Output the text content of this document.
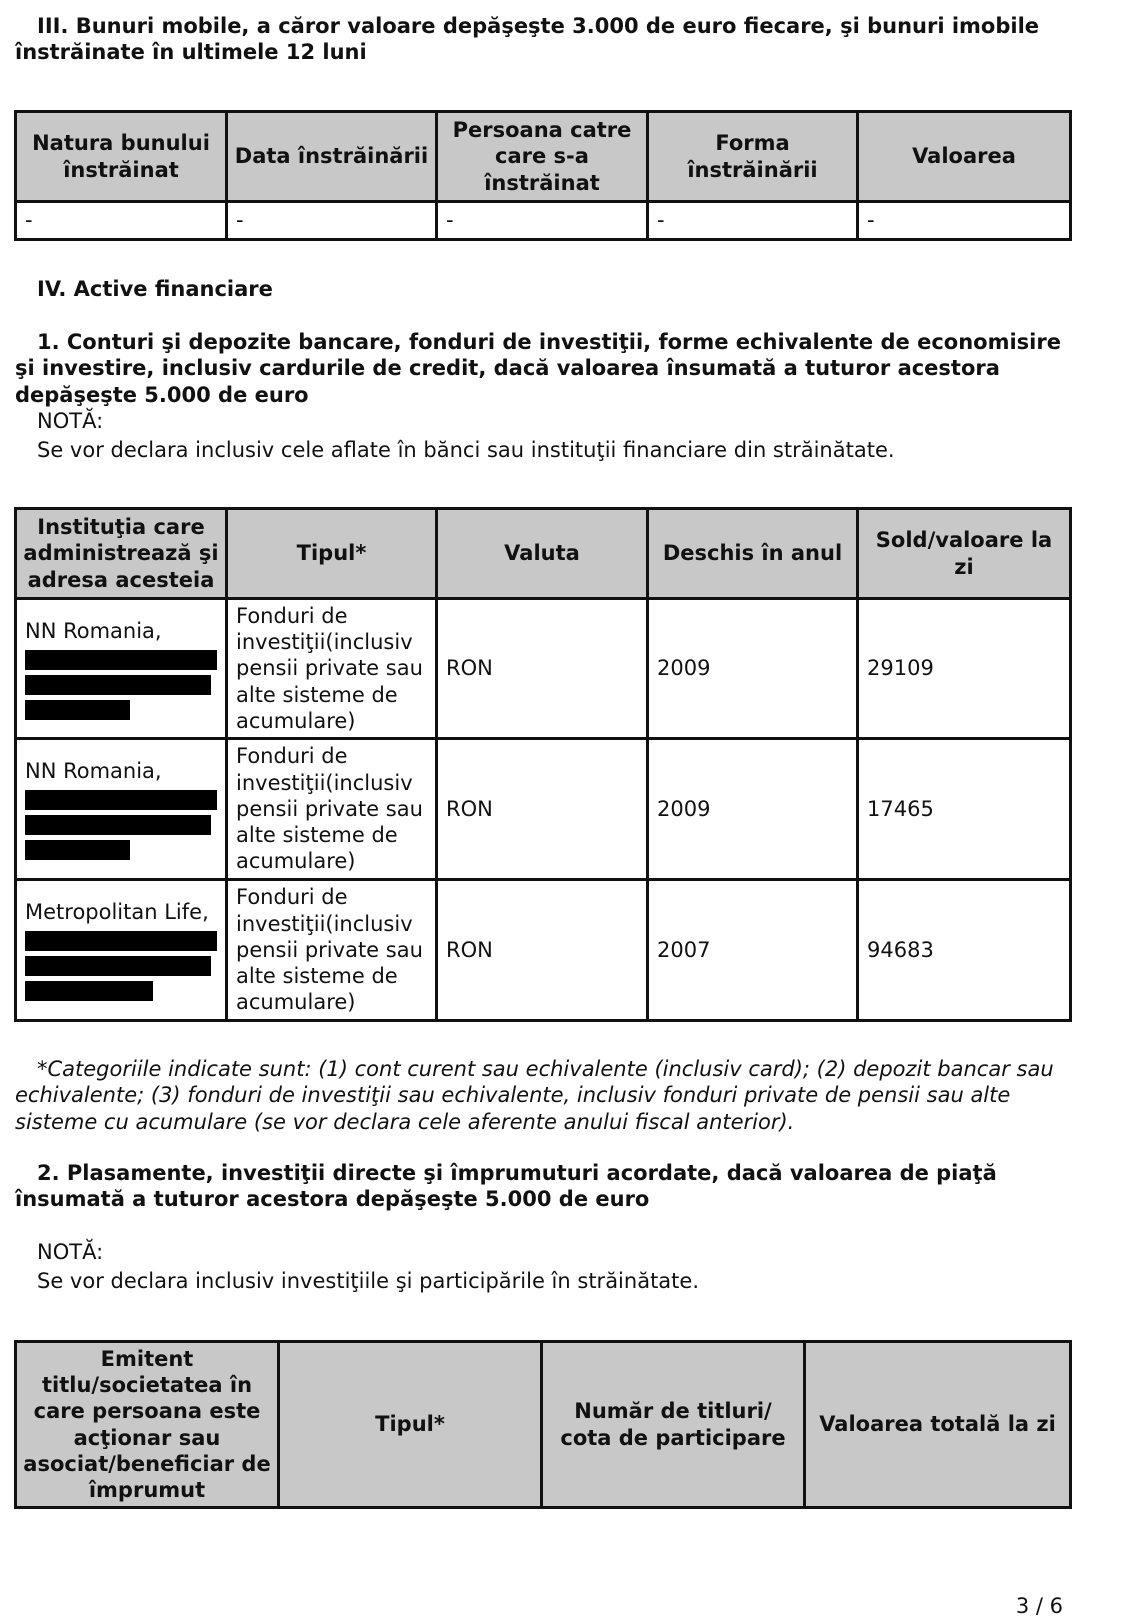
III. Bunuri mobile, a căror valoare depăşeşte 3.000 de euro fiecare, şi bunuri imobile înstrăinate în ultimele 12 luni
Natura bunului înstrăinat	Data înstrăinării	Persoana catre care s-a înstrăinat	Forma înstrăinării	Valoarea
-	-	-	-	-
IV. Active financiare
1. Conturi şi depozite bancare, fonduri de investiţii, forme echivalente de economisire şi investire, inclusiv cardurile de credit, dacă valoarea însumată a tuturor acestora depăşeşte 5.000 de euro
NOTĂ:
Se vor declara inclusiv cele aflate în bănci sau instituţii financiare din străinătate.
Instituţia care administrează şi adresa acesteia	Tipul*	Valuta	Deschis în anul	Sold/valoare la zi
NN Romania,	Fonduri de investiţii(inclusiv pensii private sau alte sisteme de acumulare)	RON	2009	29109
NN Romania,	Fonduri de investiţii(inclusiv pensii private sau alte sisteme de acumulare)	RON	2009	17465
Metropolitan Life,	Fonduri de investiţii(inclusiv pensii private sau alte sisteme de acumulare)	RON	2007	94683
*Categoriile indicate sunt: (1) cont curent sau echivalente (inclusiv card); (2) depozit bancar sau echivalente; (3) fonduri de investiţii sau echivalente, inclusiv fonduri private de pensii sau alte sisteme cu acumulare (se vor declara cele aferente anului fiscal anterior).
2. Plasamente, investiţii directe şi împrumuturi acordate, dacă valoarea de piaţă însumată a tuturor acestora depăşeşte 5.000 de euro
NOTĂ:
Se vor declara inclusiv investiţiile şi participările în străinătate.
Emitent titlu/societatea în care persoana este acţionar sau asociat/beneficiar de împrumut	Tipul*	Număr de titluri/ cota de participare	Valoarea totală la zi
3 / 6
